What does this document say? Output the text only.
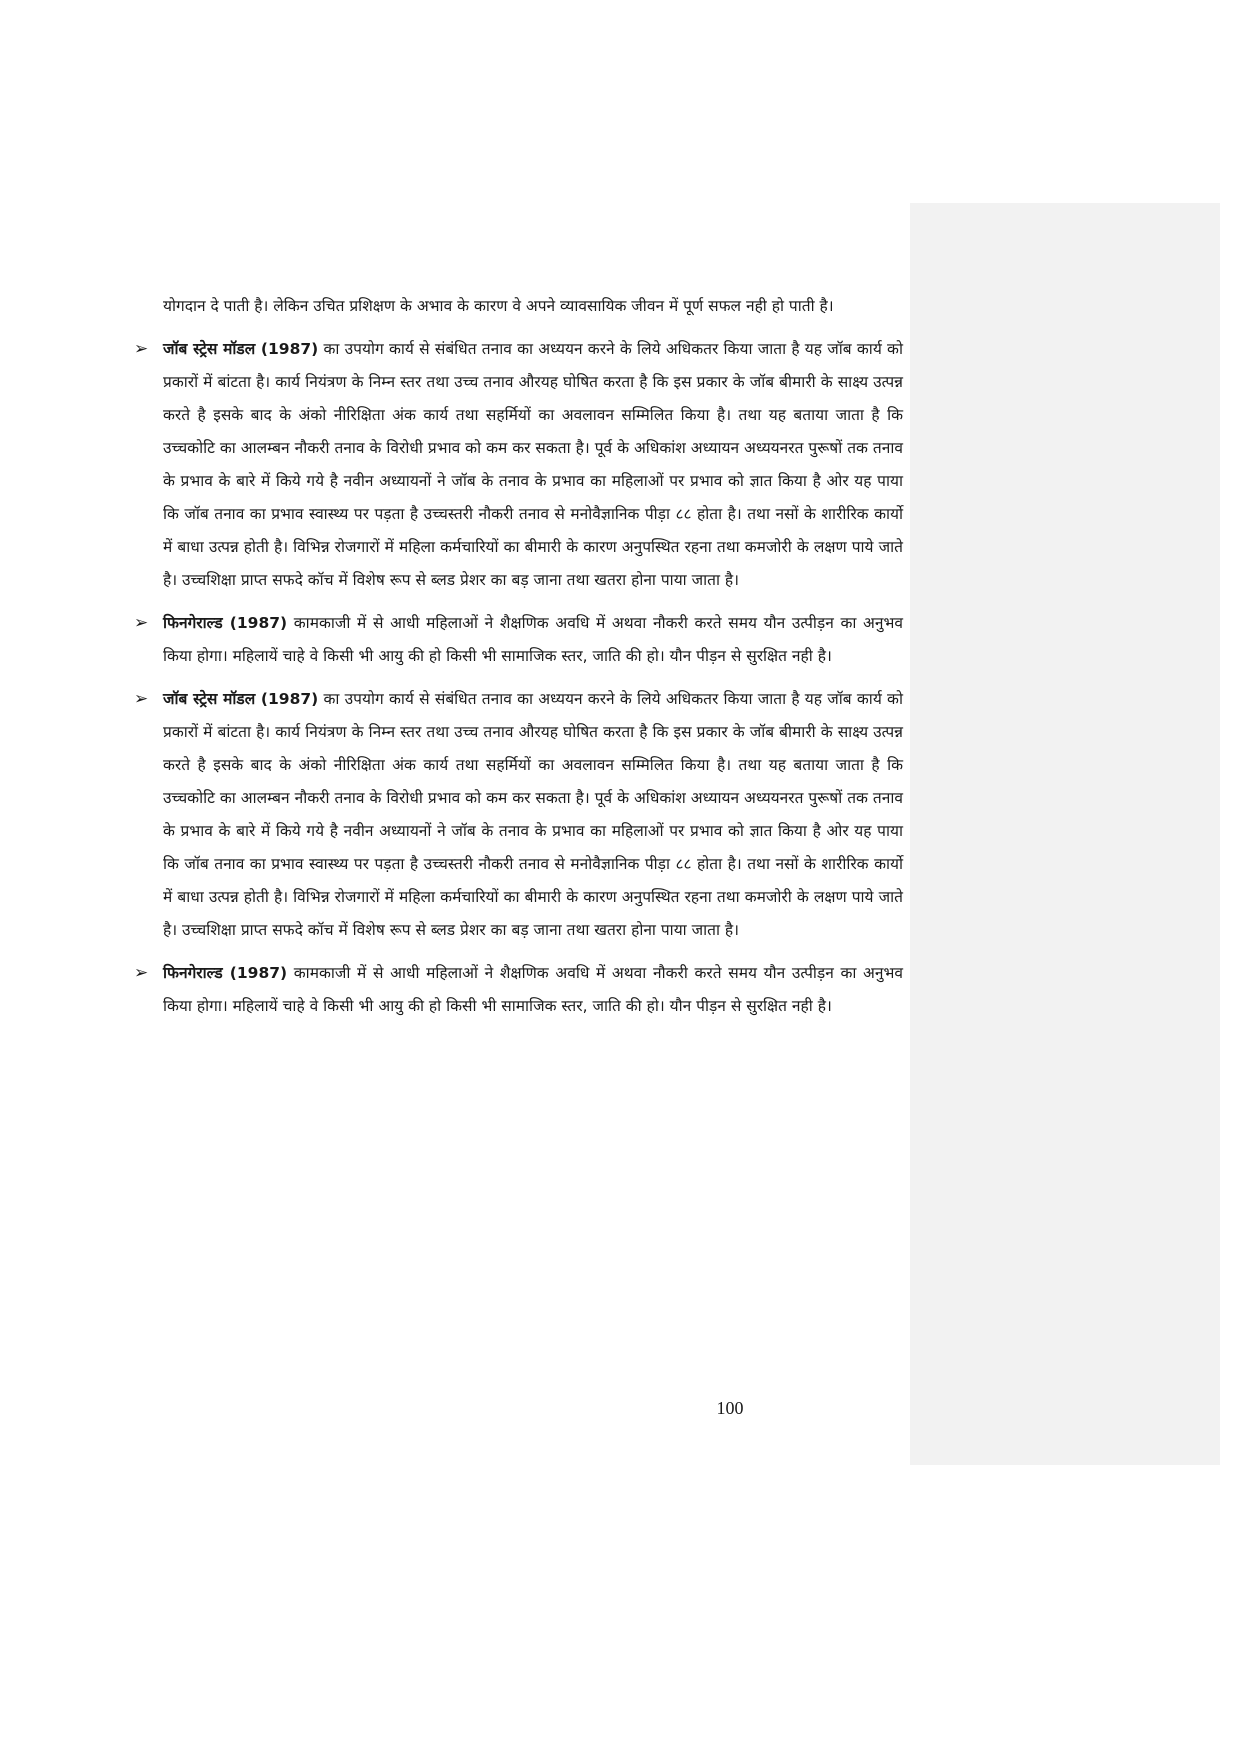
योगदान दे पाती है। लेकिन उचित प्रशिक्षण के अभाव के कारण वे अपने व्यावसायिक जीवन में पूर्ण सफल नही हो पाती है।

➢ जॉब स्ट्रेस मॉडल (1987) का उपयोग कार्य से संबंधित तनाव का अध्ययन करने के लिये अधिकतर किया जाता है यह जॉब कार्य को प्रकारों में बांटता है। कार्य नियंत्रण के निम्न स्तर तथा उच्च तनाव औरयह घोषित करता है कि इस प्रकार के जॉब बीमारी के साक्ष्य उत्पन्न करते है इसके बाद के अंको नीरिक्षिता अंक कार्य तथा सहर्मियों का अवलावन सम्मिलित किया है। तथा यह बताया जाता है कि उच्चकोटि का आलम्बन नौकरी तनाव के विरोधी प्रभाव को कम कर सकता है। पूर्व के अधिकांश अध्यायन अध्ययनरत पुरूषों तक तनाव के प्रभाव के बारे में किये गये है नवीन अध्यायनों ने जॉब के तनाव के प्रभाव का महिलाओं पर प्रभाव को ज्ञात किया है ओर यह पाया कि जॉब तनाव का प्रभाव स्वास्थ्य पर पड़ता है उच्चस्तरी नौकरी तनाव से मनोवैज्ञानिक पीड़ा ८८ होता है। तथा नसों के शारीरिक कार्यो में बाधा उत्पन्न होती है। विभिन्न रोजगारों में महिला कर्मचारियों का बीमारी के कारण अनुपस्थित रहना तथा कमजोरी के लक्षण पाये जाते है। उच्चशिक्षा प्राप्त सफदे कॉच में विशेष रूप से ब्लड प्रेशर का बड़ जाना तथा खतरा होना पाया जाता है।

➢ फिनगेराल्ड (1987) कामकाजी में से आधी महिलाओं ने शैक्षणिक अवधि में अथवा नौकरी करते समय यौन उत्पीड़न का अनुभव किया होगा। महिलायें चाहे वे किसी भी आयु की हो किसी भी सामाजिक स्तर, जाति की हो। यौन पीड़न से सुरक्षित नही है।

➢ जॉब स्ट्रेस मॉडल (1987) का उपयोग कार्य से संबंधित तनाव का अध्ययन करने के लिये अधिकतर किया जाता है यह जॉब कार्य को प्रकारों में बांटता है। कार्य नियंत्रण के निम्न स्तर तथा उच्च तनाव औरयह घोषित करता है कि इस प्रकार के जॉब बीमारी के साक्ष्य उत्पन्न करते है इसके बाद के अंको नीरिक्षिता अंक कार्य तथा सहर्मियों का अवलावन सम्मिलित किया है। तथा यह बताया जाता है कि उच्चकोटि का आलम्बन नौकरी तनाव के विरोधी प्रभाव को कम कर सकता है। पूर्व के अधिकांश अध्यायन अध्ययनरत पुरूषों तक तनाव के प्रभाव के बारे में किये गये है नवीन अध्यायनों ने जॉब के तनाव के प्रभाव का महिलाओं पर प्रभाव को ज्ञात किया है ओर यह पाया कि जॉब तनाव का प्रभाव स्वास्थ्य पर पड़ता है उच्चस्तरी नौकरी तनाव से मनोवैज्ञानिक पीड़ा ८८ होता है। तथा नसों के शारीरिक कार्यो में बाधा उत्पन्न होती है। विभिन्न रोजगारों में महिला कर्मचारियों का बीमारी के कारण अनुपस्थित रहना तथा कमजोरी के लक्षण पाये जाते है। उच्चशिक्षा प्राप्त सफदे कॉच में विशेष रूप से ब्लड प्रेशर का बड़ जाना तथा खतरा होना पाया जाता है।

➢ फिनगेराल्ड (1987) कामकाजी में से आधी महिलाओं ने शैक्षणिक अवधि में अथवा नौकरी करते समय यौन उत्पीड़न का अनुभव किया होगा। महिलायें चाहे वे किसी भी आयु की हो किसी भी सामाजिक स्तर, जाति की हो। यौन पीड़न से सुरक्षित नही है।

100
